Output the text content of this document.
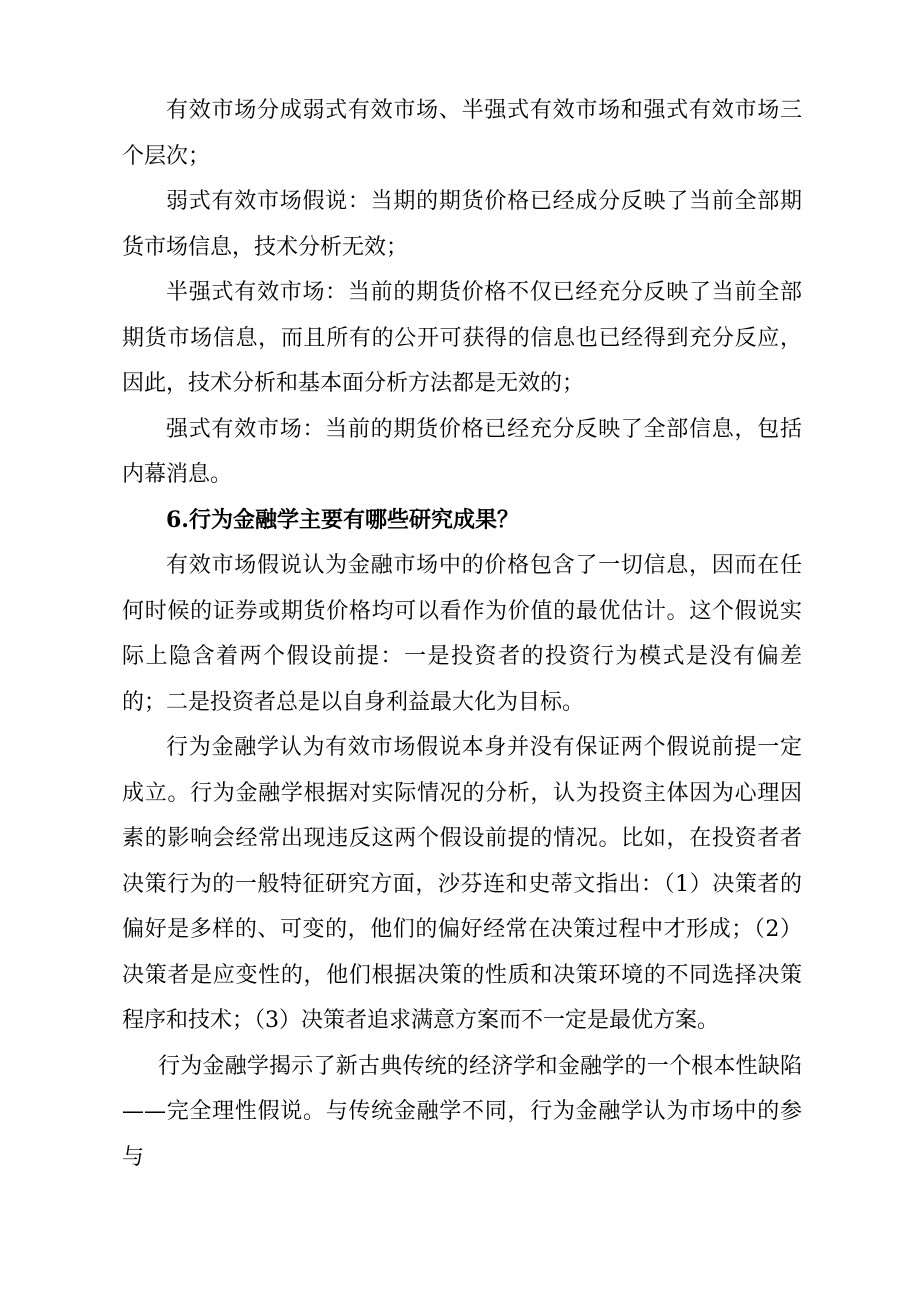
有效市场分成弱式有效市场、半强式有效市场和强式有效市场三个层次；

弱式有效市场假说：当期的期货价格已经成分反映了当前全部期货市场信息，技术分析无效；

半强式有效市场：当前的期货价格不仅已经充分反映了当前全部期货市场信息，而且所有的公开可获得的信息也已经得到充分反应，因此，技术分析和基本面分析方法都是无效的；

强式有效市场：当前的期货价格已经充分反映了全部信息，包括内幕消息。

6.行为金融学主要有哪些研究成果？

有效市场假说认为金融市场中的价格包含了一切信息，因而在任何时候的证券或期货价格均可以看作为价值的最优估计。这个假说实际上隐含着两个假设前提：一是投资者的投资行为模式是没有偏差的；二是投资者总是以自身利益最大化为目标。

行为金融学认为有效市场假说本身并没有保证两个假说前提一定成立。行为金融学根据对实际情况的分析，认为投资主体因为心理因素的影响会经常出现违反这两个假设前提的情况。比如，在投资者者决策行为的一般特征研究方面，沙芬连和史蒂文指出：（1）决策者的偏好是多样的、可变的，他们的偏好经常在决策过程中才形成；（2）决策者是应变性的，他们根据决策的性质和决策环境的不同选择决策程序和技术；（3）决策者追求满意方案而不一定是最优方案。

行为金融学揭示了新古典传统的经济学和金融学的一个根本性缺陷——完全理性假说。与传统金融学不同，行为金融学认为市场中的参与
